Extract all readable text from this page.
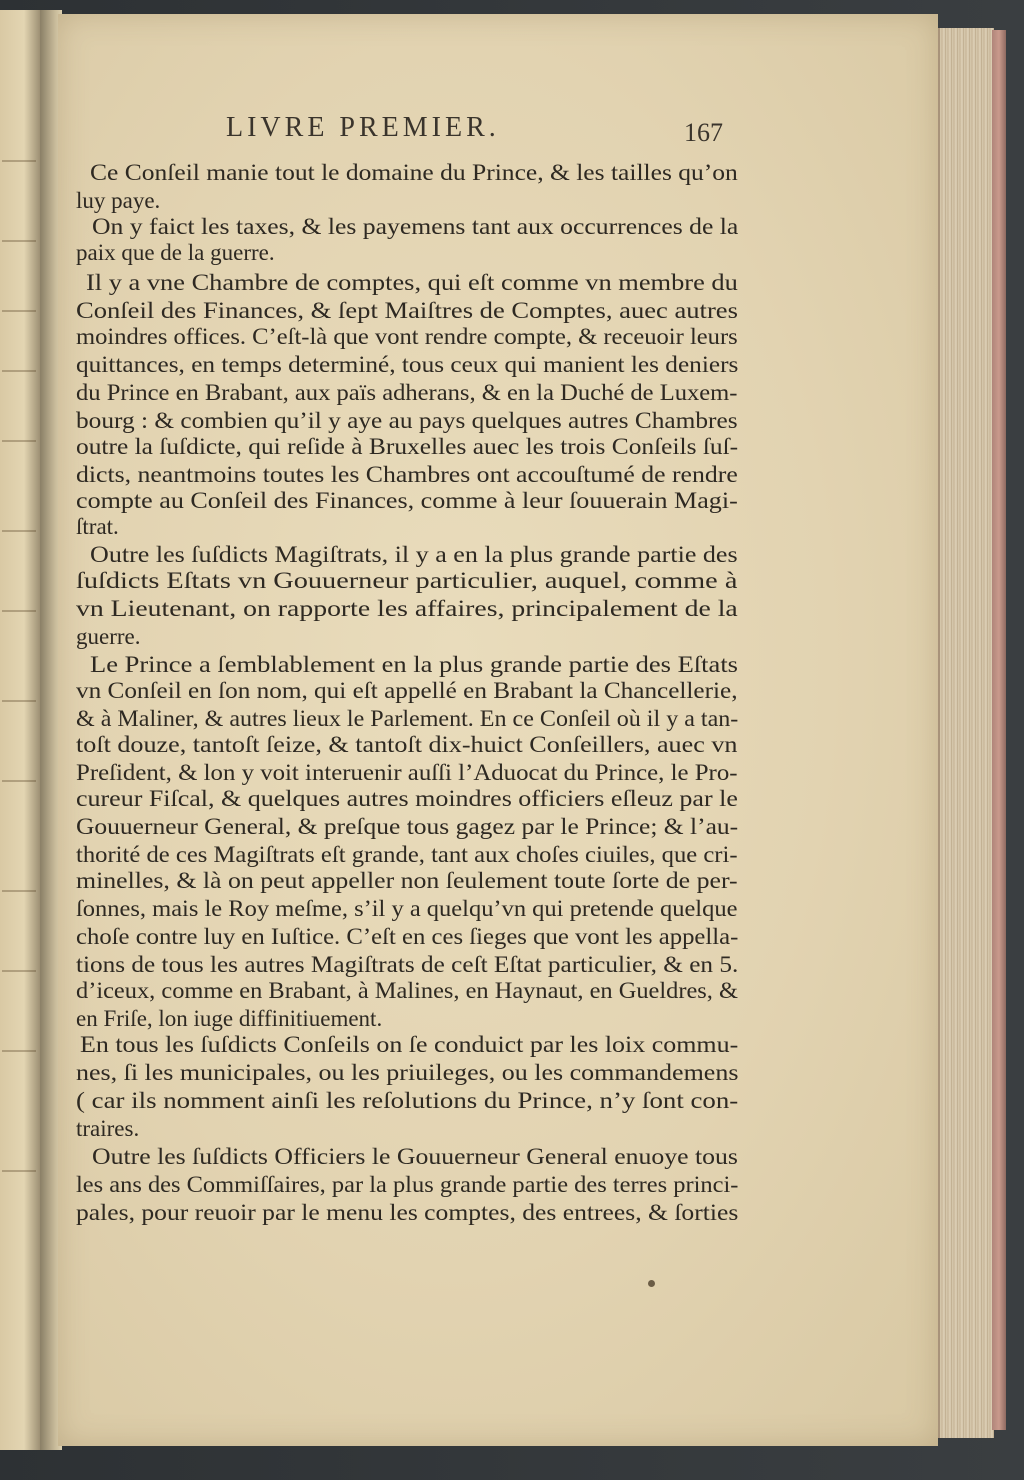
LIVRE PREMIER.	167
Ce Conſeil manie tout le domaine du Prince, & les tailles qu’on
luy paye.
On y faict les taxes, & les payemens tant aux occurrences de la
paix que de la guerre.
Il y a vne Chambre de comptes, qui eſt comme vn membre du
Conſeil des Finances, & ſept Maiſtres de Comptes, auec autres
moindres offices. C’eſt-là que vont rendre compte, & receuoir leurs
quittances, en temps determiné, tous ceux qui manient les deniers
du Prince en Brabant, aux païs adherans, & en la Duché de Luxem-
bourg : & combien qu’il y aye au pays quelques autres Chambres
outre la ſuſdicte, qui reſide à Bruxelles auec les trois Conſeils ſuſ-
dicts, neantmoins toutes les Chambres ont accouſtumé de rendre
compte au Conſeil des Finances, comme à leur ſouuerain Magi-
ſtrat.
Outre les ſuſdicts Magiſtrats, il y a en la plus grande partie des
ſuſdicts Eſtats vn Gouuerneur particulier, auquel, comme à
vn Lieutenant, on rapporte les affaires, principalement de la
guerre.
Le Prince a ſemblablement en la plus grande partie des Eſtats
vn Conſeil en ſon nom, qui eſt appellé en Brabant la Chancellerie,
& à Maliner, & autres lieux le Parlement. En ce Conſeil où il y a tan-
toſt douze, tantoſt ſeize, & tantoſt dix-huict Conſeillers, auec vn
Preſident, & lon y voit interuenir auſſi l’Aduocat du Prince, le Pro-
cureur Fiſcal, & quelques autres moindres officiers eſleuz par le
Gouuerneur General, & preſque tous gagez par le Prince; & l’au-
thorité de ces Magiſtrats eſt grande, tant aux choſes ciuiles, que cri-
minelles, & là on peut appeller non ſeulement toute ſorte de per-
ſonnes, mais le Roy meſme, s’il y a quelqu’vn qui pretende quelque
choſe contre luy en Iuſtice. C’eſt en ces ſieges que vont les appella-
tions de tous les autres Magiſtrats de ceſt Eſtat particulier, & en 5.
d’iceux, comme en Brabant, à Malines, en Haynaut, en Gueldres, &
en Friſe, lon iuge diffinitiuement.
En tous les ſuſdicts Conſeils on ſe conduict par les loix commu-
nes, ſi les municipales, ou les priuileges, ou les commandemens
( car ils nomment ainſi les reſolutions du Prince, n’y ſont con-
traires.
Outre les ſuſdicts Officiers le Gouuerneur General enuoye tous
les ans des Commiſſaires, par la plus grande partie des terres princi-
pales, pour reuoir par le menu les comptes, des entrees, & ſorties
